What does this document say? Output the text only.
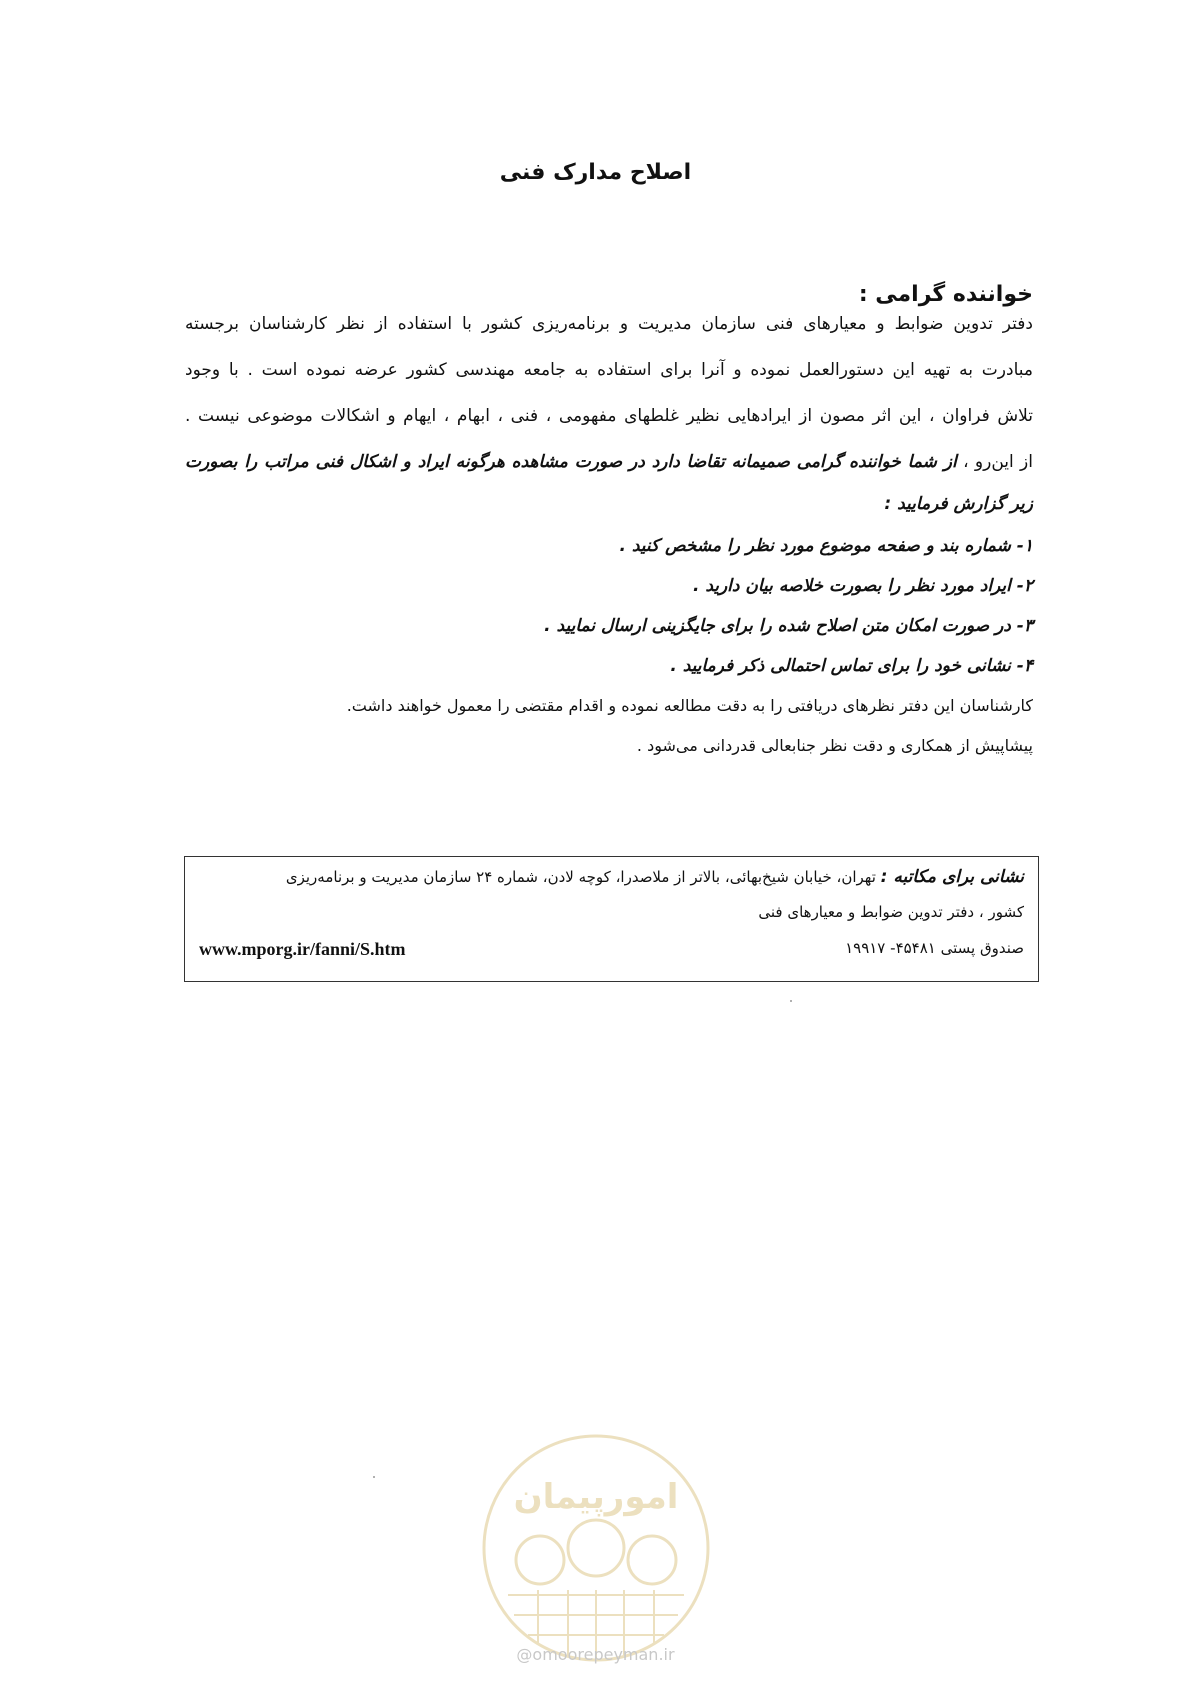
اصلاح مدارک فنی
خواننده گرامی :
دفتر تدوین ضوابط و معیارهای فنی سازمان مدیریت و برنامه‌ریزی کشور با استفاده از نظر کارشناسان برجسته
مبادرت به تهیه این دستورالعمل نموده و آنرا برای استفاده به جامعه مهندسی کشور عرضه نموده است . با وجود
تلاش فراوان ، این اثر مصون از ایرادهایی نظیر غلطهای مفهومی ، فنی ، ابهام ، ایهام و اشکالات موضوعی نیست .
از این‌رو ، از شما خواننده گرامی صمیمانه تقاضا دارد در صورت مشاهده هرگونه ایراد و اشکال فنی مراتب را بصورت
زیر گزارش فرمایید :
۱- شماره بند و صفحه موضوع مورد نظر را مشخص کنید .
۲- ایراد مورد نظر را بصورت خلاصه بیان دارید .
۳- در صورت امکان متن اصلاح شده را برای جایگزینی ارسال نمایید .
۴- نشانی خود را برای تماس احتمالی ذکر فرمایید .
کارشناسان این دفتر نظرهای دریافتی را به دقت مطالعه نموده و اقدام مقتضی را معمول خواهند داشت.
پیشاپیش از همکاری و دقت نظر جنابعالی قدردانی می‌شود .
نشانی برای مکاتبه : تهران، خیابان شیخ‌بهائی، بالاتر از ملاصدرا، کوچه لادن، شماره ۲۴ سازمان مدیریت و برنامه‌ریزی
کشور ، دفتر تدوین ضوابط و معیارهای فنی
صندوق پستی ۴۵۴۸۱- ۱۹۹۱۷
www.mporg.ir/fanni/S.htm
امورپیمان
@omoorepeyman.ir
